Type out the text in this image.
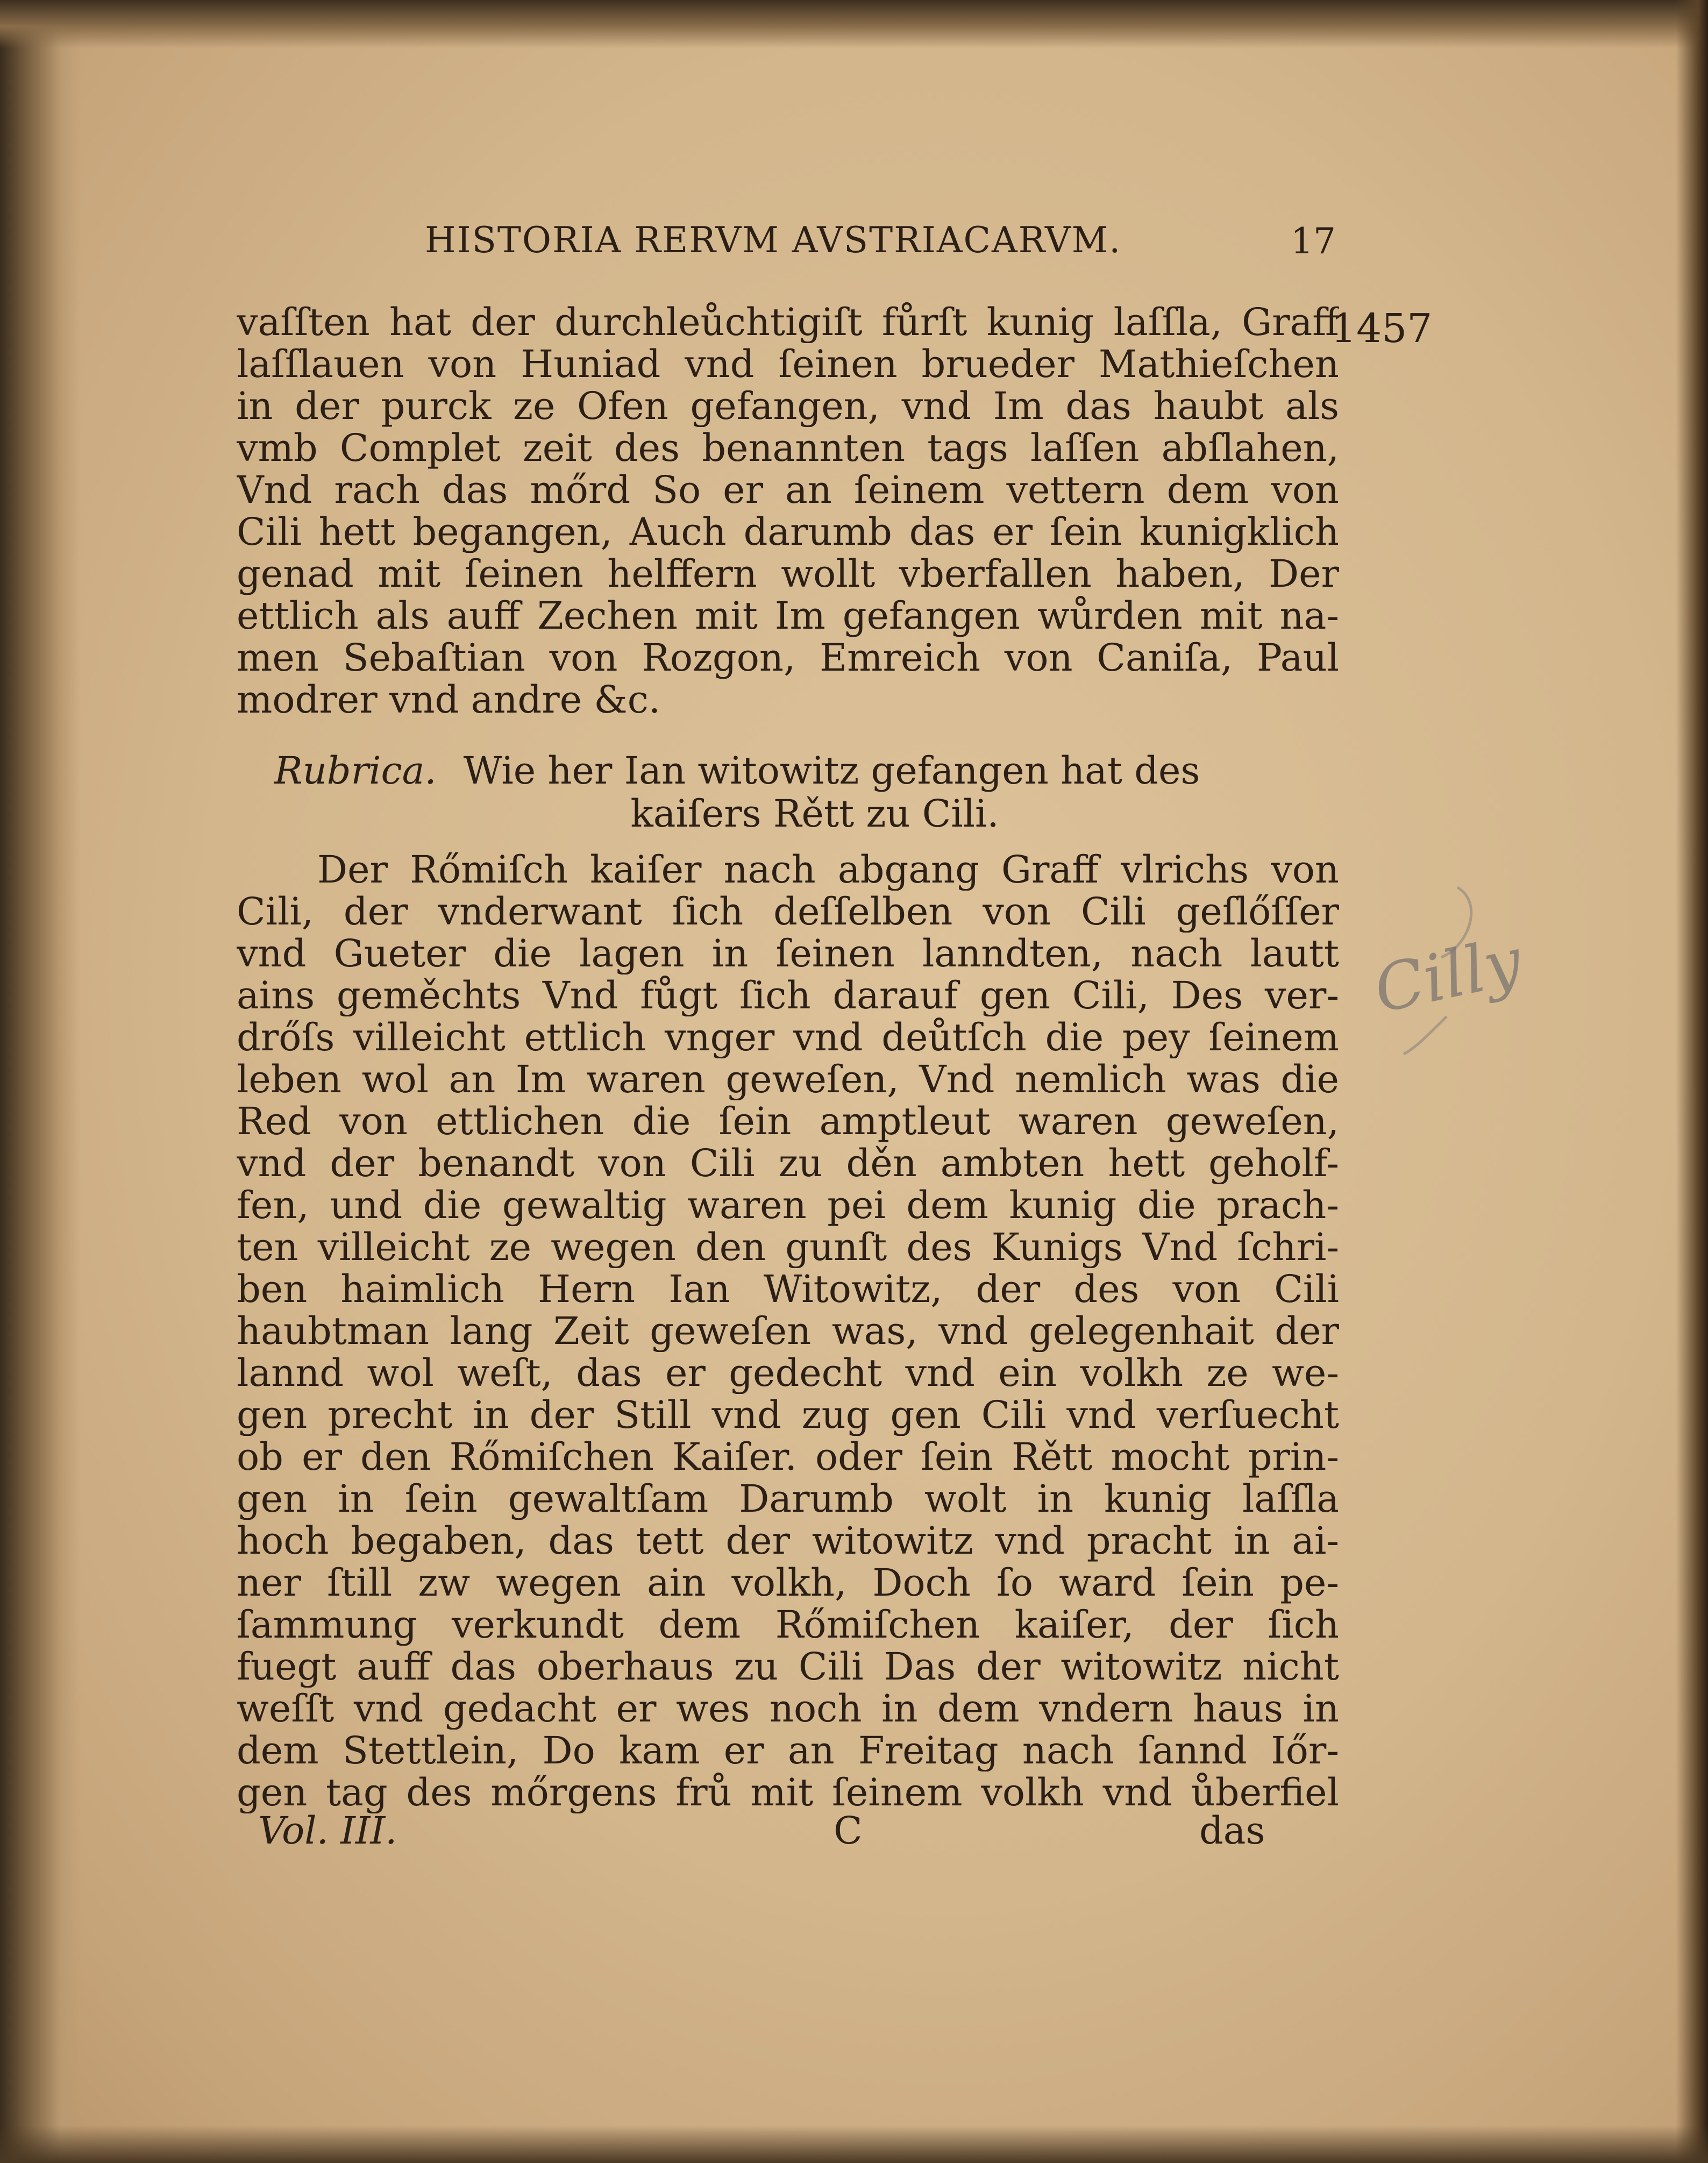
HISTORIA RERVM AVSTRIACARVM.	17
1457
vaſſten hat der durchleůchtigiſt fůrſt kunig laſſla, Graff
laſſlauen von Huniad vnd ſeinen brueder Mathieſchen
in der purck ze Ofen gefangen, vnd Im das haubt als
vmb Complet zeit des benannten tags laſſen abſlahen,
Vnd rach das mőrd So er an ſeinem vettern dem von
Cili hett begangen, Auch darumb das er ſein kunigklich
genad mit ſeinen helffern wollt vberfallen haben, Der
ettlich als auff Zechen mit Im gefangen wůrden mit na-
men Sebaſtian von Rozgon, Emreich von Caniſa, Paul
modrer vnd andre &c.
Rubrica. Wie her Ian witowitz gefangen hat des
kaiſers Rětt zu Cili.
Der Rőmiſch kaiſer nach abgang Graff vlrichs von
Cili, der vnderwant ſich deſſelben von Cili geſlőſſer
vnd Gueter die lagen in ſeinen lanndten, nach lautt
ains geměchts Vnd fůgt ſich darauf gen Cili, Des ver-
drőſs villeicht ettlich vnger vnd deůtſch die pey ſeinem
leben wol an Im waren geweſen, Vnd nemlich was die
Red von ettlichen die ſein amptleut waren geweſen,
vnd der benandt von Cili zu děn ambten hett geholf-
fen, und die gewaltig waren pei dem kunig die prach-
ten villeicht ze wegen den gunſt des Kunigs Vnd ſchri-
ben haimlich Hern Ian Witowitz, der des von Cili
haubtman lang Zeit geweſen was, vnd gelegenhait der
lannd wol weſt, das er gedecht vnd ein volkh ze we-
gen precht in der Still vnd zug gen Cili vnd verſuecht
ob er den Rőmiſchen Kaiſer. oder ſein Rětt mocht prin-
gen in ſein gewaltſam Darumb wolt in kunig laſſla
hoch begaben, das tett der witowitz vnd pracht in ai-
ner ſtill zw wegen ain volkh, Doch ſo ward ſein pe-
ſammung verkundt dem Rőmiſchen kaiſer, der ſich
fuegt auff das oberhaus zu Cili Das der witowitz nicht
weſſt vnd gedacht er wes noch in dem vndern haus in
dem Stettlein, Do kam er an Freitag nach ſannd Iőr-
gen tag des mőrgens frů mit ſeinem volkh vnd ůberfiel
Vol. III.	C	das
Cilly
